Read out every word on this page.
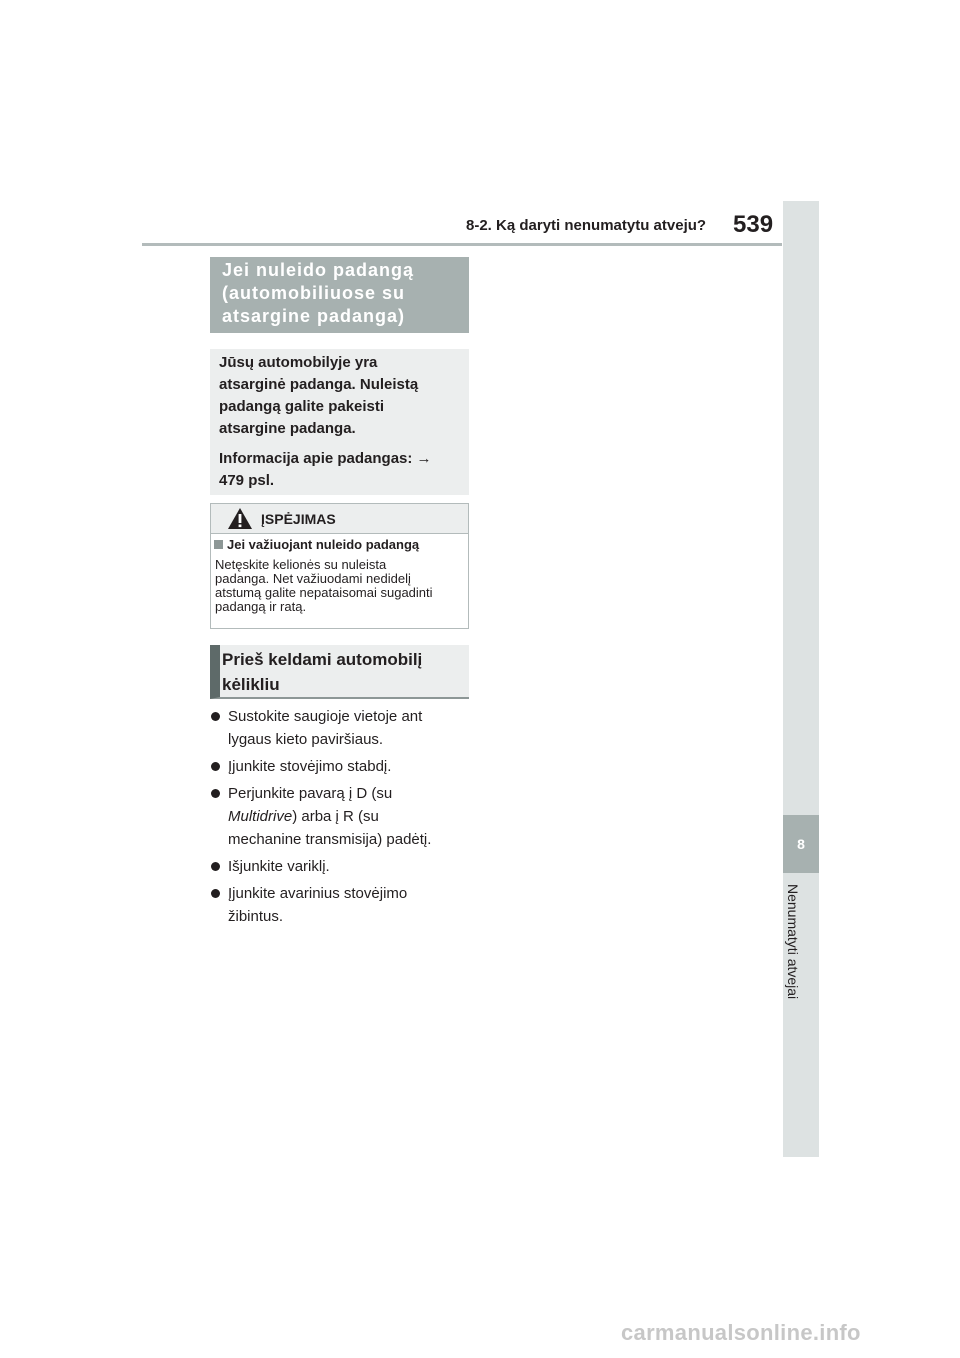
8-2. Ką daryti nenumatytu atveju? 539
8
Nenumatyti atvejai
Jei nuleido padangą
(automobiliuose su
atsargine padanga)

Jūsų automobilyje yra

atsarginė padanga. Nuleistą

padangą galite pakeisti

atsargine padanga.

Informacija apie padangas: →

479 psl.

ĮSPĖJIMAS
Jei važiuojant nuleido padangą
Netęskite kelionės su nuleista
padanga. Net važiuodami nedidelį
atstumą galite nepataisomai sugadinti
padangą ir ratą.
Prieš keldami automobilį
kėlikliu
Sustokite saugioje vietoje ant
lygaus kieto paviršiaus.
Įjunkite stovėjimo stabdį.
Perjunkite pavarą į D (su
Multidrive) arba į R (su
mechanine transmisija) padėtį.
Išjunkite variklį.
Įjunkite avarinius stovėjimo
žibintus.
carmanualsonline.info
